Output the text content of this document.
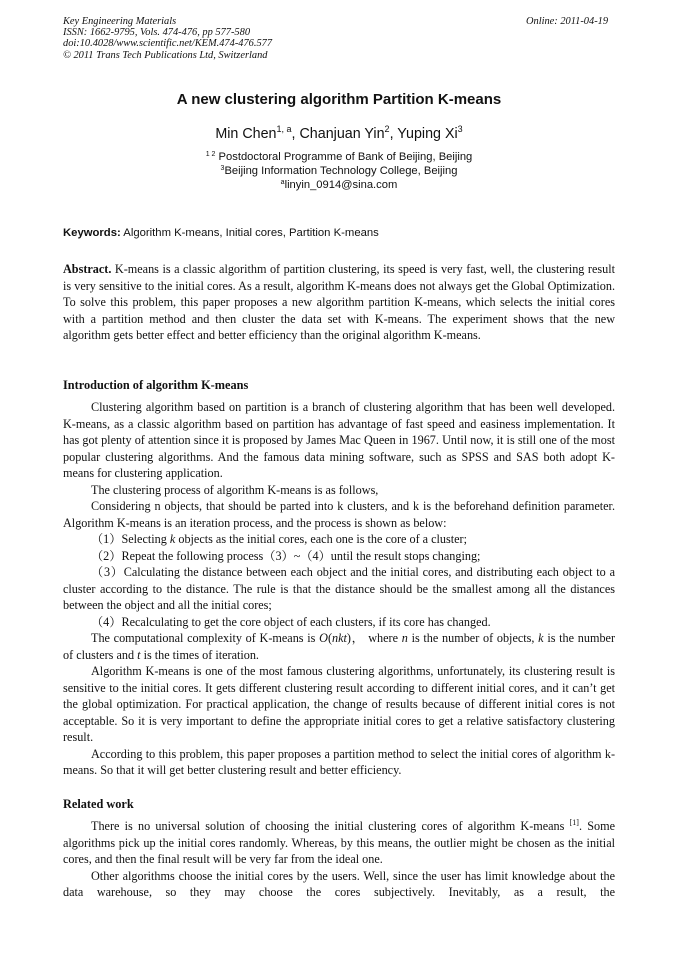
Key Engineering Materials
ISSN: 1662-9795, Vols. 474-476, pp 577-580
doi:10.4028/www.scientific.net/KEM.474-476.577
© 2011 Trans Tech Publications Ltd, Switzerland
Online: 2011-04-19
A new clustering algorithm Partition K-means
Min Chen$^{1, a}$, Chanjuan Yin$^2$, Yuping Xi$^3$
$^{1 2}$ Postdoctoral Programme of Bank of Beijing, Beijing
$^3$Beijing Information Technology College, Beijing
$^a$linyin_0914@sina.com
Keywords: Algorithm K-means, Initial cores, Partition K-means

Abstract. K-means is a classic algorithm of partition clustering, its speed is very fast, well, the clustering result is very sensitive to the initial cores. As a result, algorithm K-means does not always get the Global Optimization. To solve this problem, this paper proposes a new algorithm partition K-means, which selects the initial cores with a partition method and then cluster the data set with K-means. The experiment shows that the new algorithm gets better effect and better efficiency than the original algorithm K-means.

Introduction of algorithm K-means

Clustering algorithm based on partition is a branch of clustering algorithm that has been well developed. K-means, as a classic algorithm based on partition has advantage of fast speed and easiness implementation. It has got plenty of attention since it is proposed by James Mac Queen in 1967. Until now, it is still one of the most popular clustering algorithms. And the famous data mining software, such as SPSS and SAS both adopt K-means for clustering application.

The clustering process of algorithm K-means is as follows,

Considering n objects, that should be parted into k clusters, and k is the beforehand definition parameter. Algorithm K-means is an iteration process, and the process is shown as below:

（1）Selecting k objects as the initial cores, each one is the core of a cluster;

（2）Repeat the following process（3）~（4）until the result stops changing;

（3）Calculating the distance between each object and the initial cores, and distributing each object to a cluster according to the distance. The rule is that the distance should be the smallest among all the distances between the object and all the initial cores;

（4）Recalculating to get the core object of each clusters, if its core has changed.

The computational complexity of K-means is O(nkt)， where n is the number of objects, k is the number of clusters and t is the times of iteration.

Algorithm K-means is one of the most famous clustering algorithms, unfortunately, its clustering result is sensitive to the initial cores. It gets different clustering result according to different initial cores, and it can’t get the global optimization. For practical application, the change of results because of different initial cores is not acceptable. So it is very important to define the appropriate initial cores to get a relative satisfactory clustering result.

According to this problem, this paper proposes a partition method to select the initial cores of algorithm k-means. So that it will get better clustering result and better efficiency.

Related work

There is no universal solution of choosing the initial clustering cores of algorithm K-means [1]. Some algorithms pick up the initial cores randomly. Whereas, by this means, the outlier might be chosen as the initial cores, and then the final result will be very far from the ideal one.

Other algorithms choose the initial cores by the users. Well, since the user has limit knowledge about the data warehouse, so they may choose the cores subjectively. Inevitably, as a result, the
